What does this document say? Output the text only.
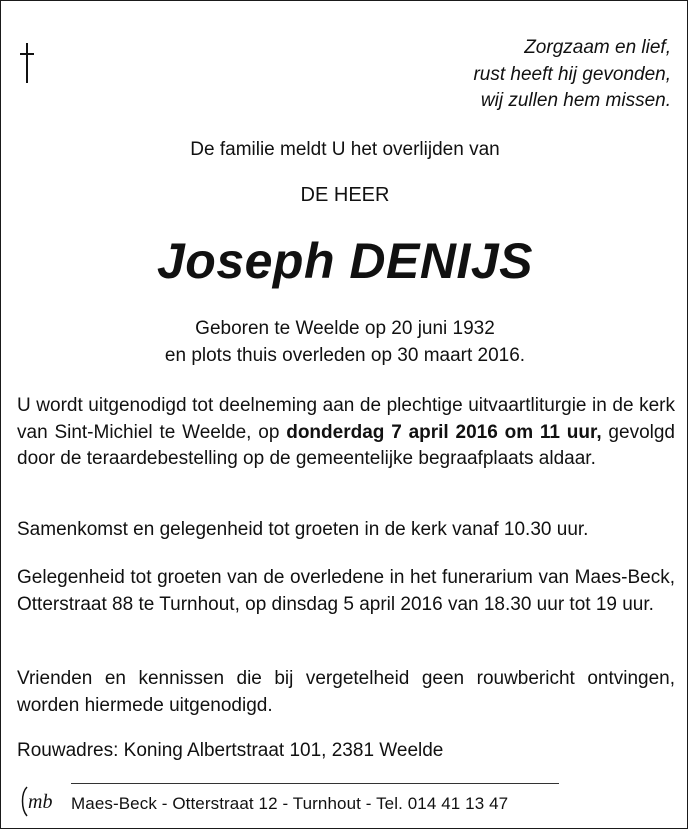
Zorgzaam en lief,
rust heeft hij gevonden,
wij zullen hem missen.
De familie meldt U het overlijden van
DE HEER
Joseph DENIJS
Geboren te Weelde op 20 juni 1932
en plots thuis overleden op 30 maart 2016.

U wordt uitgenodigd tot deelneming aan de plechtige uitvaartliturgie in de kerk van Sint-Michiel te Weelde, op donderdag 7 april 2016 om 11 uur, gevolgd door de teraardebestelling op de gemeentelijke begraafplaats aldaar.

Samenkomst en gelegenheid tot groeten in de kerk vanaf 10.30 uur.

Gelegenheid tot groeten van de overledene in het funerarium van Maes-Beck, Otterstraat 88 te Turnhout, op dinsdag 5 april 2016 van 18.30 uur tot 19 uur.

Vrienden en kennissen die bij vergetelheid geen rouwbericht ontvingen, worden hiermede uitgenodigd.

Rouwadres: Koning Albertstraat 101, 2381 Weelde

mb Maes-Beck - Otterstraat 12 - Turnhout - Tel. 014 41 13 47
